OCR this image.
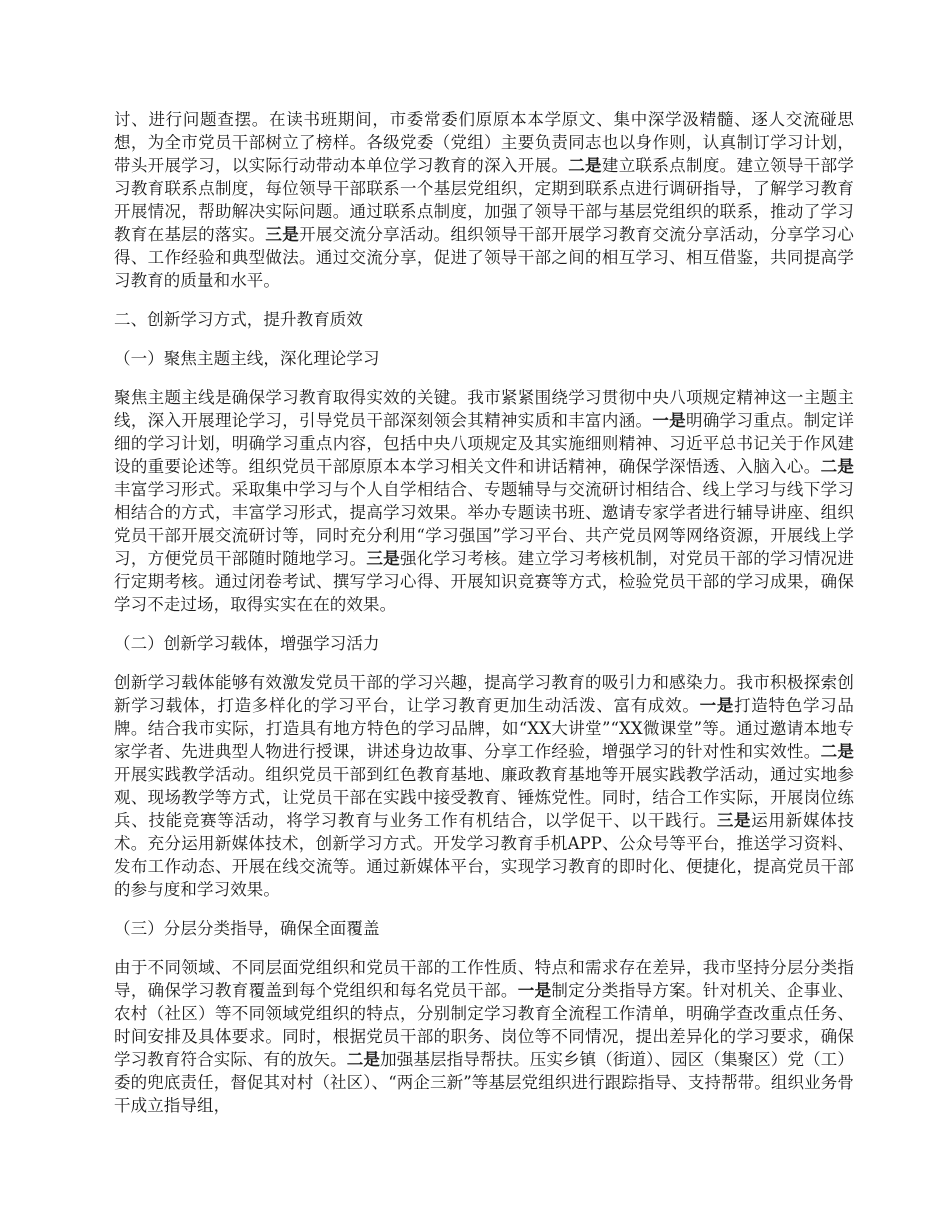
讨、进行问题查摆。在读书班期间，市委常委们原原本本学原文、集中深学汲精髓、逐人交流碰思想，为全市党员干部树立了榜样。各级党委（党组）主要负责同志也以身作则，认真制订学习计划，带头开展学习，以实际行动带动本单位学习教育的深入开展。二是建立联系点制度。建立领导干部学习教育联系点制度，每位领导干部联系一个基层党组织，定期到联系点进行调研指导，了解学习教育开展情况，帮助解决实际问题。通过联系点制度，加强了领导干部与基层党组织的联系，推动了学习教育在基层的落实。三是开展交流分享活动。组织领导干部开展学习教育交流分享活动，分享学习心得、工作经验和典型做法。通过交流分享，促进了领导干部之间的相互学习、相互借鉴，共同提高学习教育的质量和水平。

二、创新学习方式，提升教育质效

（一）聚焦主题主线，深化理论学习

聚焦主题主线是确保学习教育取得实效的关键。我市紧紧围绕学习贯彻中央八项规定精神这一主题主线，深入开展理论学习，引导党员干部深刻领会其精神实质和丰富内涵。一是明确学习重点。制定详细的学习计划，明确学习重点内容，包括中央八项规定及其实施细则精神、习近平总书记关于作风建设的重要论述等。组织党员干部原原本本学习相关文件和讲话精神，确保学深悟透、入脑入心。二是丰富学习形式。采取集中学习与个人自学相结合、专题辅导与交流研讨相结合、线上学习与线下学习相结合的方式，丰富学习形式，提高学习效果。举办专题读书班、邀请专家学者进行辅导讲座、组织党员干部开展交流研讨等，同时充分利用“学习强国”学习平台、共产党员网等网络资源，开展线上学习，方便党员干部随时随地学习。三是强化学习考核。建立学习考核机制，对党员干部的学习情况进行定期考核。通过闭卷考试、撰写学习心得、开展知识竞赛等方式，检验党员干部的学习成果，确保学习不走过场，取得实实在在的效果。

（二）创新学习载体，增强学习活力

创新学习载体能够有效激发党员干部的学习兴趣，提高学习教育的吸引力和感染力。我市积极探索创新学习载体，打造多样化的学习平台，让学习教育更加生动活泼、富有成效。一是打造特色学习品牌。结合我市实际，打造具有地方特色的学习品牌，如“XX大讲堂”“XX微课堂”等。通过邀请本地专家学者、先进典型人物进行授课，讲述身边故事、分享工作经验，增强学习的针对性和实效性。二是开展实践教学活动。组织党员干部到红色教育基地、廉政教育基地等开展实践教学活动，通过实地参观、现场教学等方式，让党员干部在实践中接受教育、锤炼党性。同时，结合工作实际，开展岗位练兵、技能竞赛等活动，将学习教育与业务工作有机结合，以学促干、以干践行。三是运用新媒体技术。充分运用新媒体技术，创新学习方式。开发学习教育手机APP、公众号等平台，推送学习资料、发布工作动态、开展在线交流等。通过新媒体平台，实现学习教育的即时化、便捷化，提高党员干部的参与度和学习效果。

（三）分层分类指导，确保全面覆盖

由于不同领域、不同层面党组织和党员干部的工作性质、特点和需求存在差异，我市坚持分层分类指导，确保学习教育覆盖到每个党组织和每名党员干部。一是制定分类指导方案。针对机关、企事业、农村（社区）等不同领域党组织的特点，分别制定学习教育全流程工作清单，明确学查改重点任务、时间安排及具体要求。同时，根据党员干部的职务、岗位等不同情况，提出差异化的学习要求，确保学习教育符合实际、有的放矢。二是加强基层指导帮扶。压实乡镇（街道）、园区（集聚区）党（工）委的兜底责任，督促其对村（社区）、“两企三新”等基层党组织进行跟踪指导、支持帮带。组织业务骨干成立指导组，
